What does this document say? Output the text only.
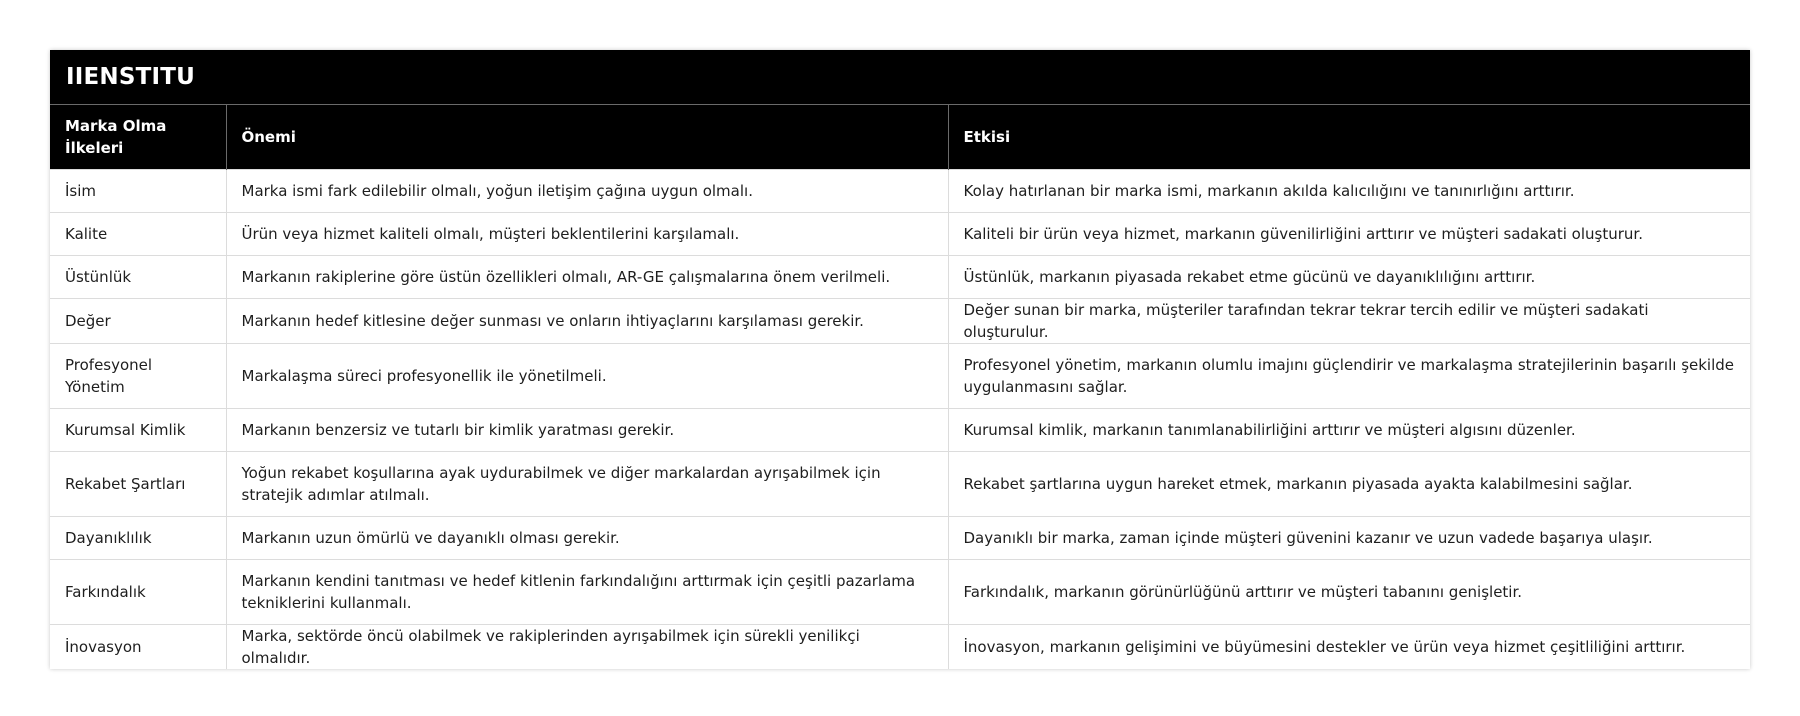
IIENSTITU
Marka Olma İlkeleri	Önemi	Etkisi
İsim	Marka ismi fark edilebilir olmalı, yoğun iletişim çağına uygun olmalı.	Kolay hatırlanan bir marka ismi, markanın akılda kalıcılığını ve tanınırlığını arttırır.
Kalite	Ürün veya hizmet kaliteli olmalı, müşteri beklentilerini karşılamalı.	Kaliteli bir ürün veya hizmet, markanın güvenilirliğini arttırır ve müşteri sadakati oluşturur.
Üstünlük	Markanın rakiplerine göre üstün özellikleri olmalı, AR-GE çalışmalarına önem verilmeli.	Üstünlük, markanın piyasada rekabet etme gücünü ve dayanıklılığını arttırır.
Değer	Markanın hedef kitlesine değer sunması ve onların ihtiyaçlarını karşılaması gerekir.	Değer sunan bir marka, müşteriler tarafından tekrar tekrar tercih edilir ve müşteri sadakati oluşturulur.
Profesyonel Yönetim	Markalaşma süreci profesyonellik ile yönetilmeli.	Profesyonel yönetim, markanın olumlu imajını güçlendirir ve markalaşma stratejilerinin başarılı şekilde uygulanmasını sağlar.
Kurumsal Kimlik	Markanın benzersiz ve tutarlı bir kimlik yaratması gerekir.	Kurumsal kimlik, markanın tanımlanabilirliğini arttırır ve müşteri algısını düzenler.
Rekabet Şartları	Yoğun rekabet koşullarına ayak uydurabilmek ve diğer markalardan ayrışabilmek için stratejik adımlar atılmalı.	Rekabet şartlarına uygun hareket etmek, markanın piyasada ayakta kalabilmesini sağlar.
Dayanıklılık	Markanın uzun ömürlü ve dayanıklı olması gerekir.	Dayanıklı bir marka, zaman içinde müşteri güvenini kazanır ve uzun vadede başarıya ulaşır.
Farkındalık	Markanın kendini tanıtması ve hedef kitlenin farkındalığını arttırmak için çeşitli pazarlama tekniklerini kullanmalı.	Farkındalık, markanın görünürlüğünü arttırır ve müşteri tabanını genişletir.
İnovasyon	Marka, sektörde öncü olabilmek ve rakiplerinden ayrışabilmek için sürekli yenilikçi olmalıdır.	İnovasyon, markanın gelişimini ve büyümesini destekler ve ürün veya hizmet çeşitliliğini arttırır.
